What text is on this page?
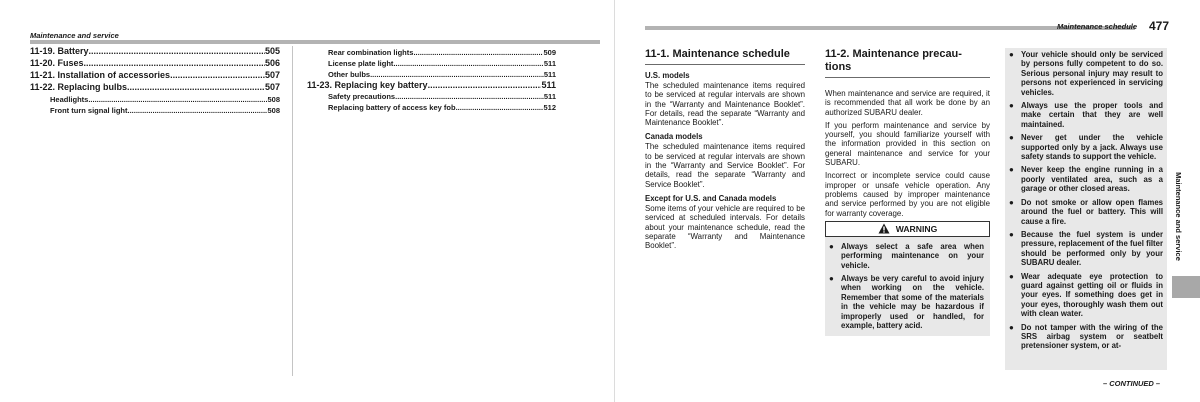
Maintenance and service
11-19. Battery .....	505
11-20. Fuses .....	506
11-21. Installation of accessories .....	507
11-22. Replacing bulbs .....	507
Headlights .....	508
Front turn signal light .....	508
Rear combination lights .....	509
License plate light .....	511
Other bulbs .....	511
11-23. Replacing key battery .....	511
Safety precautions .....	511
Replacing battery of access key fob .....	512
Maintenance schedule 477
11-1. Maintenance schedule
U.S. models
The scheduled maintenance items required to be serviced at regular intervals are shown in the “Warranty and Maintenance Booklet”. For details, read the separate “Warranty and Maintenance Booklet”.
Canada models
The scheduled maintenance items required to be serviced at regular intervals are shown in the “Warranty and Service Booklet”. For details, read the separate “Warranty and Service Booklet”.
Except for U.S. and Canada models
Some items of your vehicle are required to be serviced at scheduled intervals. For details about your maintenance schedule, read the separate “Warranty and Maintenance Booklet”.
11-2. Maintenance precau-
tions
When maintenance and service are required, it is recommended that all work be done by an authorized SUBARU dealer.
If you perform maintenance and service by yourself, you should familiarize yourself with the information provided in this section on general maintenance and service for your SUBARU.
Incorrect or incomplete service could cause improper or unsafe vehicle operation. Any problems caused by improper maintenance and service performed by you are not eligible for warranty coverage.
WARNING
● Always select a safe area when performing maintenance on your vehicle.
● Always be very careful to avoid injury when working on the vehicle. Remember that some of the materials in the vehicle may be hazardous if improperly used or handled, for example, battery acid.
● Your vehicle should only be serviced by persons fully competent to do so. Serious personal injury may result to persons not experienced in servicing vehicles.
● Always use the proper tools and make certain that they are well maintained.
● Never get under the vehicle supported only by a jack. Always use safety stands to support the vehicle.
● Never keep the engine running in a poorly ventilated area, such as a garage or other closed areas.
● Do not smoke or allow open flames around the fuel or battery. This will cause a fire.
● Because the fuel system is under pressure, replacement of the fuel filter should be performed only by your SUBARU dealer.
● Wear adequate eye protection to guard against getting oil or fluids in your eyes. If something does get in your eyes, thoroughly wash them out with clean water.
● Do not tamper with the wiring of the SRS airbag system or seatbelt pretensioner system, or at-
Maintenance and service
– CONTINUED –
